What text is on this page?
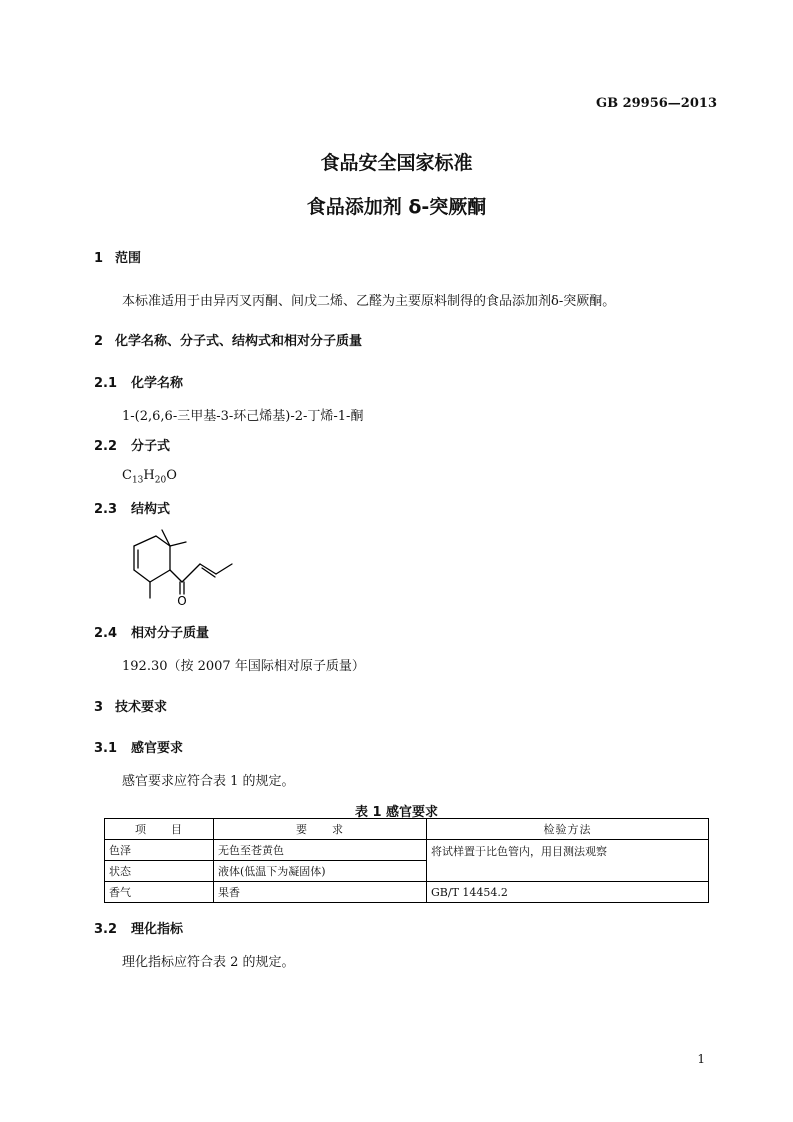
GB 29956—2013
食品安全国家标准
食品添加剂 δ-突厥酮
1 范围
本标准适用于由异丙叉丙酮、间戊二烯、乙醛为主要原料制得的食品添加剂δ-突厥酮。
2 化学名称、分子式、结构式和相对分子质量
2.1 化学名称
1-(2,6,6-三甲基-3-环己烯基)-2-丁烯-1-酮
2.2 分子式
$C_{13}H_{20}O$
2.3 结构式
O
2.4 相对分子质量
192.30（按 2007 年国际相对原子质量）
3 技术要求
3.1 感官要求
感官要求应符合表 1 的规定。
表 1 感官要求
项　　目	要　　求	检验方法
色泽	无色至苍黄色	将试样置于比色管内，用目测法观察
状态	液体(低温下为凝固体)	
香气	果香	GB/T 14454.2
3.2 理化指标
理化指标应符合表 2 的规定。
1
